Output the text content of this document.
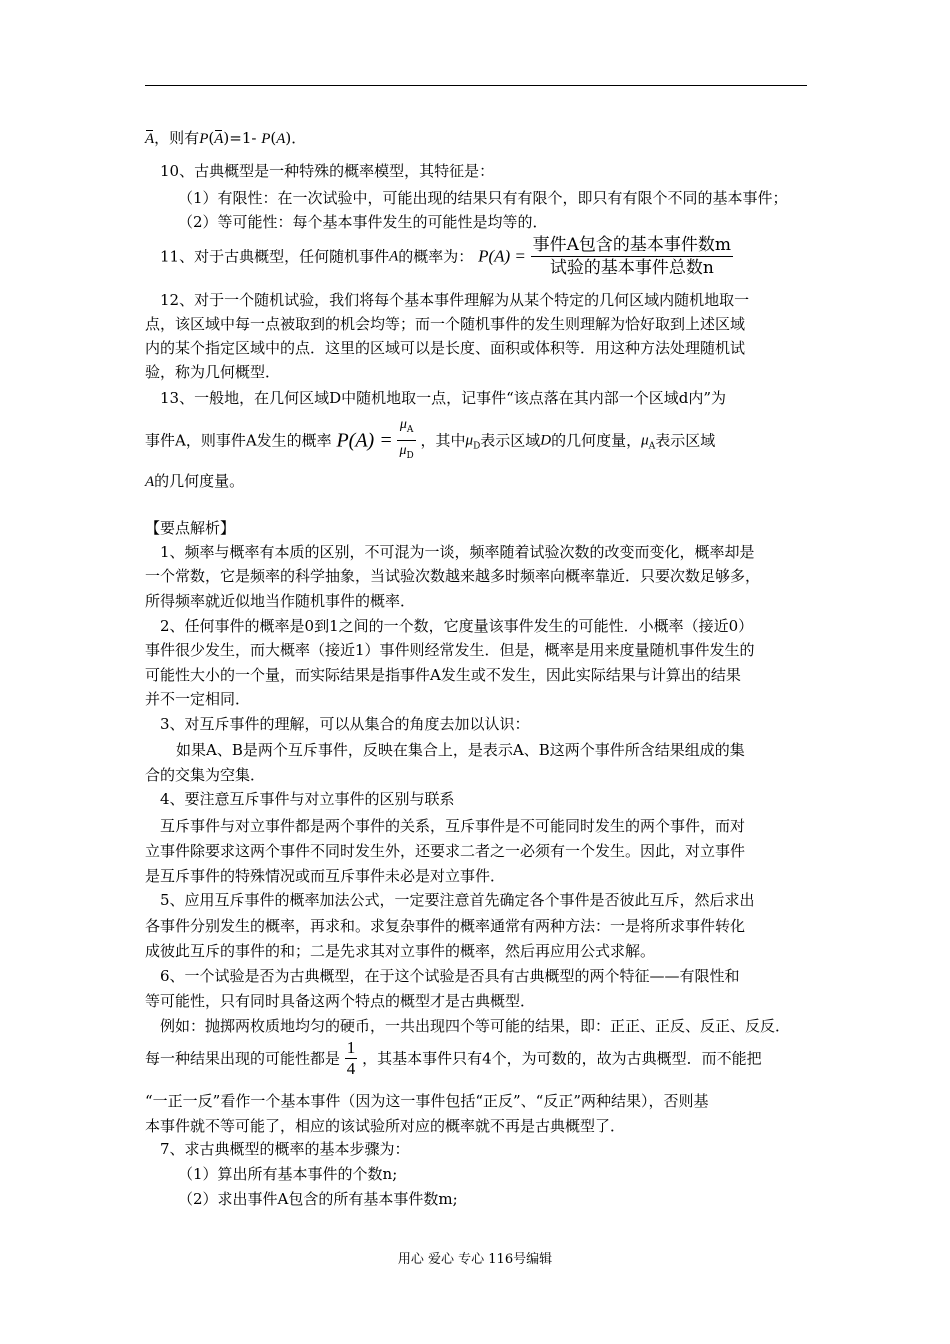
A，则有P(A)=1- P(A)．
10、古典概型是一种特殊的概率模型，其特征是：
（1）有限性：在一次试验中，可能出现的结果只有有限个，即只有有限个不同的基本事件；
（2）等可能性：每个基本事件发生的可能性是均等的．
11、对于古典概型，任何随机事件A的概率为： $P(A) = \frac{\text{事件A包含的基本事件数m}}{\text{试验的基本事件总数n}}$
12、对于一个随机试验，我们将每个基本事件理解为从某个特定的几何区域内随机地取一
点，该区域中每一点被取到的机会均等；而一个随机事件的发生则理解为恰好取到上述区域
内的某个指定区域中的点．这里的区域可以是长度、面积或体积等．用这种方法处理随机试
验，称为几何概型．
13、一般地，在几何区域D中随机地取一点，记事件“该点落在其内部一个区域d内”为
事件A，则事件A发生的概率 $P(A) = \frac{\mu_A}{\mu_D}$ ，其中$\mu_D$表示区域D的几何度量，$\mu_A$表示区域
A的几何度量。
【要点解析】
1、频率与概率有本质的区别，不可混为一谈，频率随着试验次数的改变而变化，概率却是
一个常数，它是频率的科学抽象，当试验次数越来越多时频率向概率靠近．只要次数足够多，
所得频率就近似地当作随机事件的概率．
2、任何事件的概率是0到1之间的一个数，它度量该事件发生的可能性．小概率（接近0）
事件很少发生，而大概率（接近1）事件则经常发生．但是，概率是用来度量随机事件发生的
可能性大小的一个量，而实际结果是指事件A发生或不发生，因此实际结果与计算出的结果
并不一定相同．
3、对互斥事件的理解，可以从集合的角度去加以认识：
如果A、B是两个互斥事件，反映在集合上，是表示A、B这两个事件所含结果组成的集
合的交集为空集．
4、要注意互斥事件与对立事件的区别与联系
互斥事件与对立事件都是两个事件的关系，互斥事件是不可能同时发生的两个事件，而对
立事件除要求这两个事件不同时发生外，还要求二者之一必须有一个发生。因此，对立事件
是互斥事件的特殊情况或而互斥事件未必是对立事件．
5、应用互斥事件的概率加法公式，一定要注意首先确定各个事件是否彼此互斥，然后求出
各事件分别发生的概率，再求和。求复杂事件的概率通常有两种方法：一是将所求事件转化
成彼此互斥的事件的和；二是先求其对立事件的概率，然后再应用公式求解。
6、一个试验是否为古典概型，在于这个试验是否具有古典概型的两个特征——有限性和
等可能性，只有同时具备这两个特点的概型才是古典概型．
例如：抛掷两枚质地均匀的硬币，一共出现四个等可能的结果，即：正正、正反、反正、反反．
每一种结果出现的可能性都是 $\frac{1}{4}$ ，其基本事件只有4个，为可数的，故为古典概型．而不能把
“一正一反”看作一个基本事件（因为这一事件包括“正反”、“反正”两种结果），否则基
本事件就不等可能了，相应的该试验所对应的概率就不再是古典概型了．
7、求古典概型的概率的基本步骤为：
（1）算出所有基本事件的个数n;
（2）求出事件A包含的所有基本事件数m;
用心 爱心 专心 116号编辑
